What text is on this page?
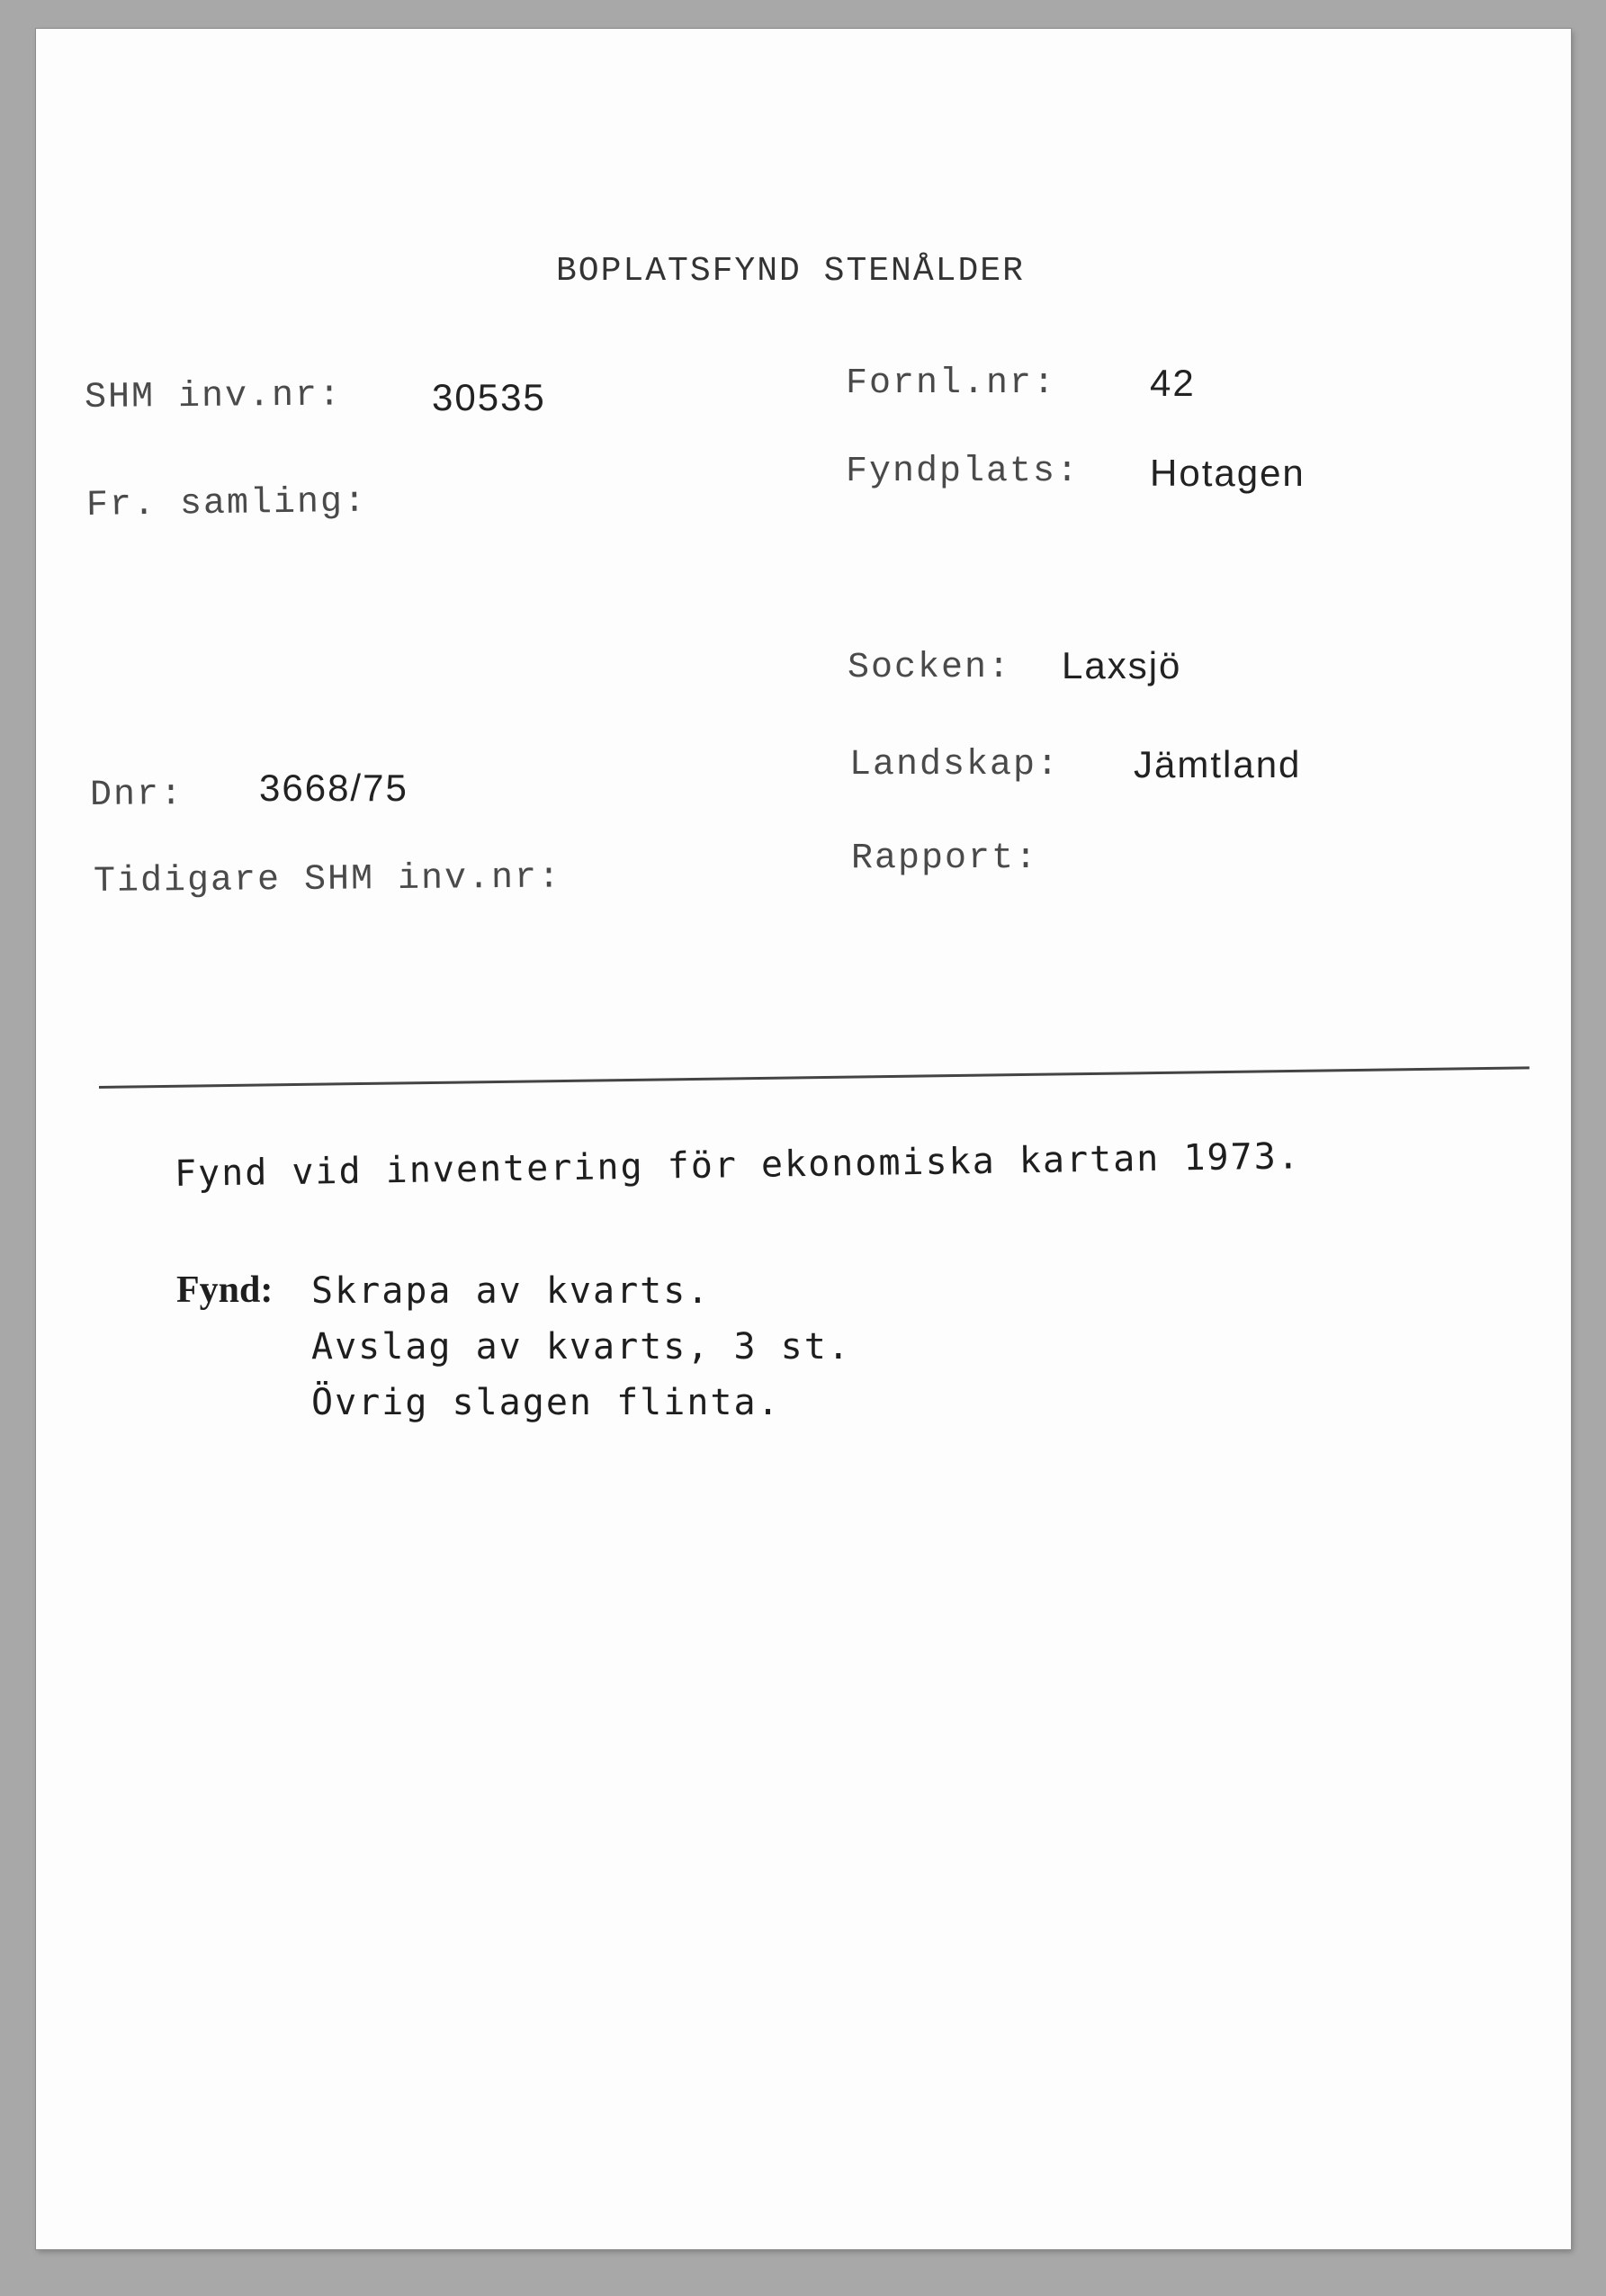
BOPLATSFYND STENÅLDER
SHM inv.nr: 30535
Fr. samling:
Dnr: 3668/75
Tidigare SHM inv.nr:
Fornl.nr: 42
Fyndplats: Hotagen
Socken: Laxsjö
Landskap: Jämtland
Rapport:
Fynd vid inventering för ekonomiska kartan 1973.
Fynd: Skrapa av kvarts.
Avslag av kvarts, 3 st.
Övrig slagen flinta.
